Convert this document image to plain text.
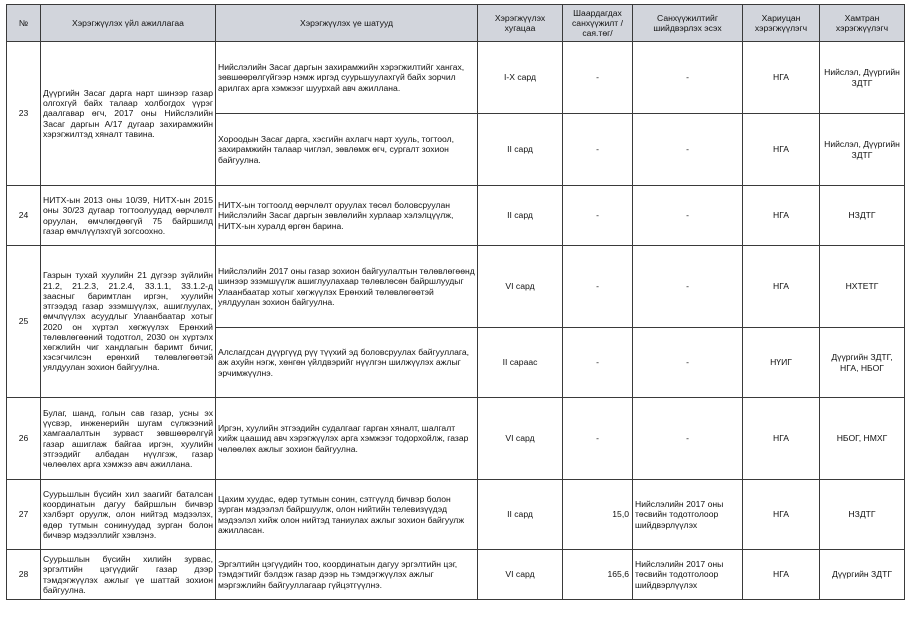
№	Хэрэгжүүлэх үйл ажиллагаа	Хэрэгжүүлэх үе шатууд	Хэрэгжүүлэх хугацаа	Шаардагдах санхүүжилт /сая.төг/	Санхүүжилтийг шийдвэрлэх эсэх	Хариуцан хэрэгжүүлэгч	Хамтран хэрэгжүүлэгч
23	Дүүргийн Засаг дарга нарт шинээр газар олгохгүй байх талаар холбогдох үүрэг даалгавар өгч, 2017 оны Нийслэлийн Засаг даргын А/17 дугаар захирамжийн хэрэгжилтэд хяналт тавина.	Нийслэлийн Засаг даргын захирамжийн хэрэгжилтийг хангах, зөвшөөрөлгүйгээр нэмж иргэд суурьшуулахгүй байх зорчил арилгах арга хэмжээг шуурхай авч ажиллана.	I-X сард	-	-	НГА	Нийслэл, Дүүргийн ЗДТГ
		Хороодын Засаг дарга, хэсгийн ахлагч нарт хууль, тогтоол, захирамжийн талаар чиглэл, зөвлөмж өгч, сургалт зохион байгуулна.	II сард	-	-	НГА	Нийслэл, Дүүргийн ЗДТГ
24	НИТХ-ын 2013 оны 10/39, НИТХ-ын 2015 оны 30/23 дугаар тогтоолуудад өөрчлөлт оруулан, өмчлөгдөөгүй 75 байршилд газар өмчлүүлэхгүй зогсоохно.	НИТХ-ын тогтоолд өөрчлөлт оруулах төсөл боловсруулан Нийслэлийн Засаг даргын зөвлөлийн хурлаар хэлэлцүүлж, НИТХ-ын хуралд өргөн барина.	II сард	-	-	НГА	НЗДТГ
25	Газрын тухай хуулийн 21 дүгээр зүйлийн 21.2, 21.2.3, 21.2.4, 33.1.1, 33.1.2-д заасныг баримтлан иргэн, хуулийн этгээдэд газар эзэмшүүлэх, ашиглуулах, өмчлүүлэх асуудлыг Улаанбаатар хотыг 2020 он хүртэл хөгжүүлэх Ерөнхий төлөвлөгөөний тодотгол, 2030 он хүртэлх хөгжлийн чиг хандлагын баримт бичиг, хэсэгчилсэн ерөнхий төлөвлөгөөтэй уялдуулан зохион байгуулна.	Нийслэлийн 2017 оны газар зохион байгуулалтын төлөвлөгөөнд шинээр эзэмшүүлж ашиглуулахаар төлөвлөсөн байршлуудыг Улаанбаатар хотыг хөгжүүлэх Ерөнхий төлөвлөгөөтэй уялдуулан зохион байгуулна.	VI сард	-	-	НГА	НХТЕТГ
		Алслагдсан дүүргүүд рүү түүхий эд боловсруулах байгууллага, аж ахуйн нэгж, хөнгөн үйлдвэрийг нүүлгэн шилжүүлэх ажлыг эрчимжүүлнэ.	II сараас	-	-	НҮИГ	Дүүргийн ЗДТГ, НГА, НБОГ
26	Булаг, шанд, голын сав газар, усны эх үүсвэр, инженерийн шугам сүлжээний хамгаалалтын зурваст зөвшөөрөлгүй газар ашиглаж байгаа иргэн, хуулийн этгээдийг албадан нүүлгэж, газар чөлөөлөх арга хэмжээ авч ажиллана.	Иргэн, хуулийн этгээдийн судалгааг гарган хяналт, шалгалт хийж цаашид авч хэрэгжүүлэх арга хэмжээг тодорхойлж, газар чөлөөлөх ажлыг зохион байгуулна.	VI сард	-	-	НГА	НБОГ, НМХГ
27	Суурьшлын бүсийн хил заагийг баталсан координатын дагуу байршлын бичвэр хэлбэрт оруулж, олон нийтэд мэдээлэх, өдөр тутмын сонинуудад зурган болон бичвэр мэдээллийг хэвлэнэ.	Цахим хуудас, өдөр тутмын сонин, сэтгүүлд бичвэр болон зурган мэдээлэл байршуулж, олон нийтийн телевизүүдэд мэдээлэл хийж олон нийтэд таниулах ажлыг зохион байгуулж ажилласан.	II сард	15,0	Нийслэлийн 2017 оны төсвийн тодотголоор шийдвэрлүүлэх	НГА	НЗДТГ
28	Суурьшлын бүсийн хилийн зурвас, эргэлтийн цэгүүдийг газар дээр тэмдэгжүүлэх ажлыг үе шаттай зохион байгуулна.	Эргэлтийн цэгүүдийн тоо, координатын дагуу эргэлтийн цэг, тэмдэгтийг бэлдэж газар дээр нь тэмдэгжүүлэх ажлыг мэргэжлийн байгууллагаар гүйцэтгүүлнэ.	VI сард	165,6	Нийслэлийн 2017 оны төсвийн тодотголоор шийдвэрлүүлэх	НГА	Дүүргийн ЗДТГ
